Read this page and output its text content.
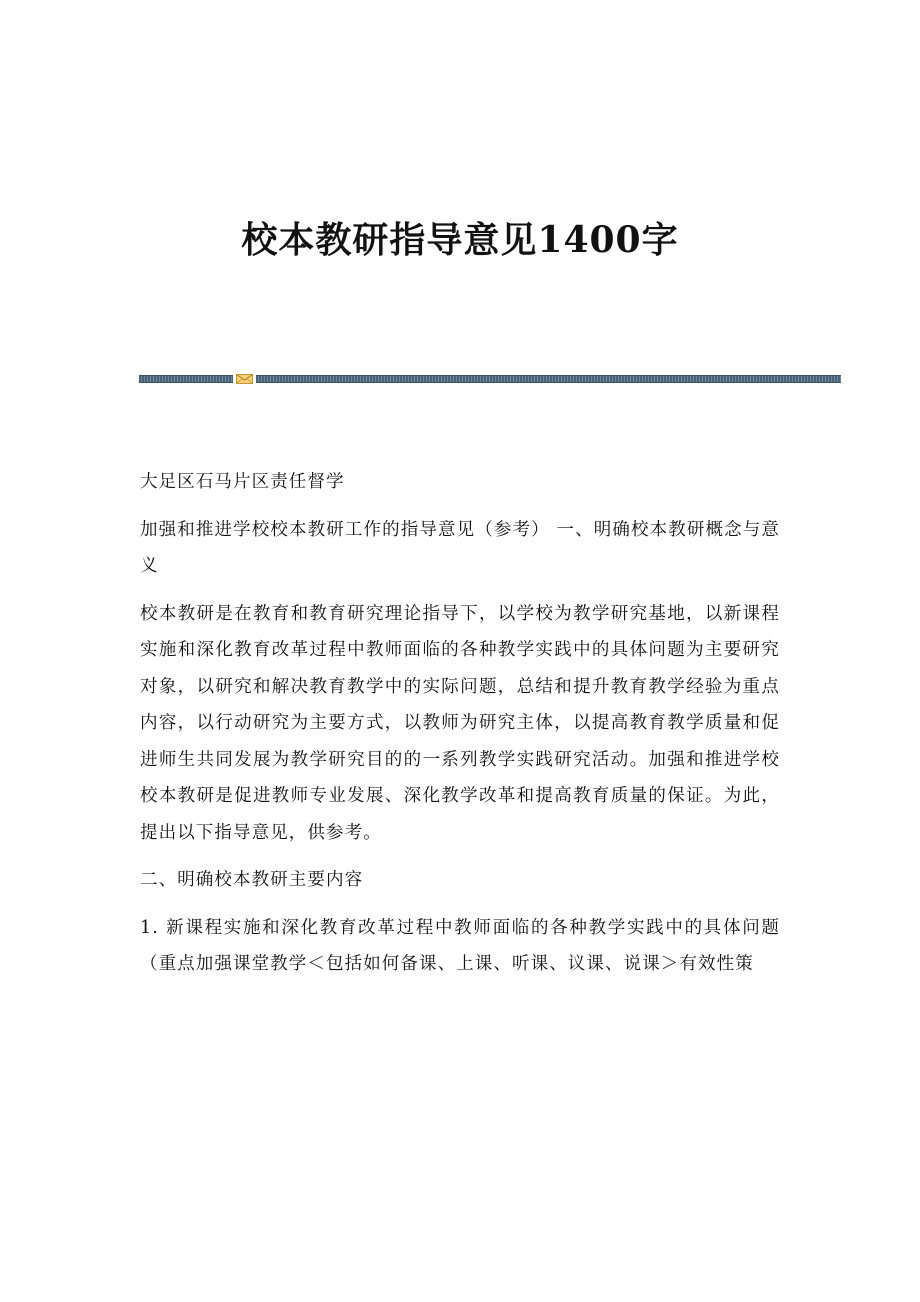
校本教研指导意见1400字

大足区石马片区责任督学

加强和推进学校校本教研工作的指导意见（参考） 一、明确校本教研概念与意义

校本教研是在教育和教育研究理论指导下，以学校为教学研究基地，以新课程实施和深化教育改革过程中教师面临的各种教学实践中的具体问题为主要研究对象，以研究和解决教育教学中的实际问题，总结和提升教育教学经验为重点内容，以行动研究为主要方式，以教师为研究主体，以提高教育教学质量和促进师生共同发展为教学研究目的的一系列教学实践研究活动。加强和推进学校校本教研是促进教师专业发展、深化教学改革和提高教育质量的保证。为此，提出以下指导意见，供参考。

二、明确校本教研主要内容

1. 新课程实施和深化教育改革过程中教师面临的各种教学实践中的具体问题（重点加强课堂教学＜包括如何备课、上课、听课、议课、说课＞有效性策
